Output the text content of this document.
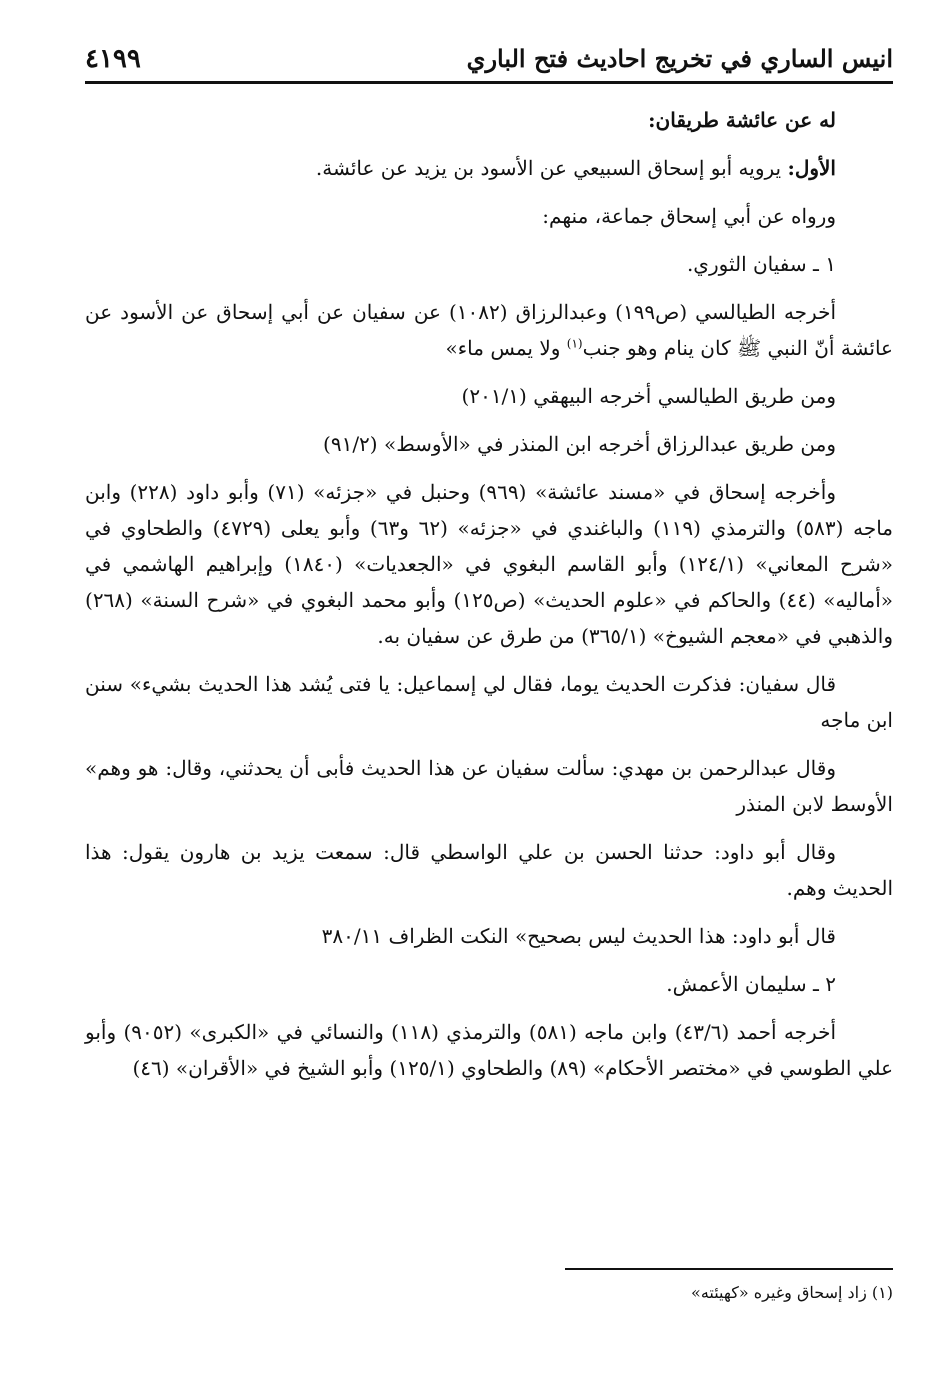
انيس الساري في تخريج احاديث فتح الباري
٤١٩٩

له عن عائشة طريقان:

الأول: يرويه أبو إسحاق السبيعي عن الأسود بن يزيد عن عائشة.

ورواه عن أبي إسحاق جماعة، منهم:

١ ـ سفيان الثوري.

أخرجه الطيالسي (ص١٩٩) وعبدالرزاق (١٠٨٢) عن سفيان عن أبي إسحاق عن الأسود عن عائشة أنّ النبي ﷺ كان ينام وهو جنب$^{(١)}$ ولا يمس ماء»

ومن طريق الطيالسي أخرجه البيهقي (٢٠١/١)

ومن طريق عبدالرزاق أخرجه ابن المنذر في «الأوسط» (٩١/٢)

وأخرجه إسحاق في «مسند عائشة» (٩٦٩) وحنبل في «جزئه» (٧١) وأبو داود (٢٢٨) وابن ماجه (٥٨٣) والترمذي (١١٩) والباغندي في «جزئه» (٦٢ و٦٣) وأبو يعلى (٤٧٢٩) والطحاوي في «شرح المعاني» (١٢٤/١) وأبو القاسم البغوي في «الجعديات» (١٨٤٠) وإبراهيم الهاشمي في «أماليه» (٤٤) والحاكم في «علوم الحديث» (ص١٢٥) وأبو محمد البغوي في «شرح السنة» (٢٦٨) والذهبي في «معجم الشيوخ» (٣٦٥/١) من طرق عن سفيان به.

قال سفيان: فذكرت الحديث يوما، فقال لي إسماعيل: يا فتى يُشد هذا الحديث بشيء» سنن ابن ماجه

وقال عبدالرحمن بن مهدي: سألت سفيان عن هذا الحديث فأبى أن يحدثني، وقال: هو وهم» الأوسط لابن المنذر

وقال أبو داود: حدثنا الحسن بن علي الواسطي قال: سمعت يزيد بن هارون يقول: هذا الحديث وهم.

قال أبو داود: هذا الحديث ليس بصحيح» النكت الظراف ٣٨٠/١١

٢ ـ سليمان الأعمش.

أخرجه أحمد (٤٣/٦) وابن ماجه (٥٨١) والترمذي (١١٨) والنسائي في «الكبرى» (٩٠٥٢) وأبو علي الطوسي في «مختصر الأحكام» (٨٩) والطحاوي (١٢٥/١) وأبو الشيخ في «الأقران» (٤٦)

(١) زاد إسحاق وغيره «كهيئته»
